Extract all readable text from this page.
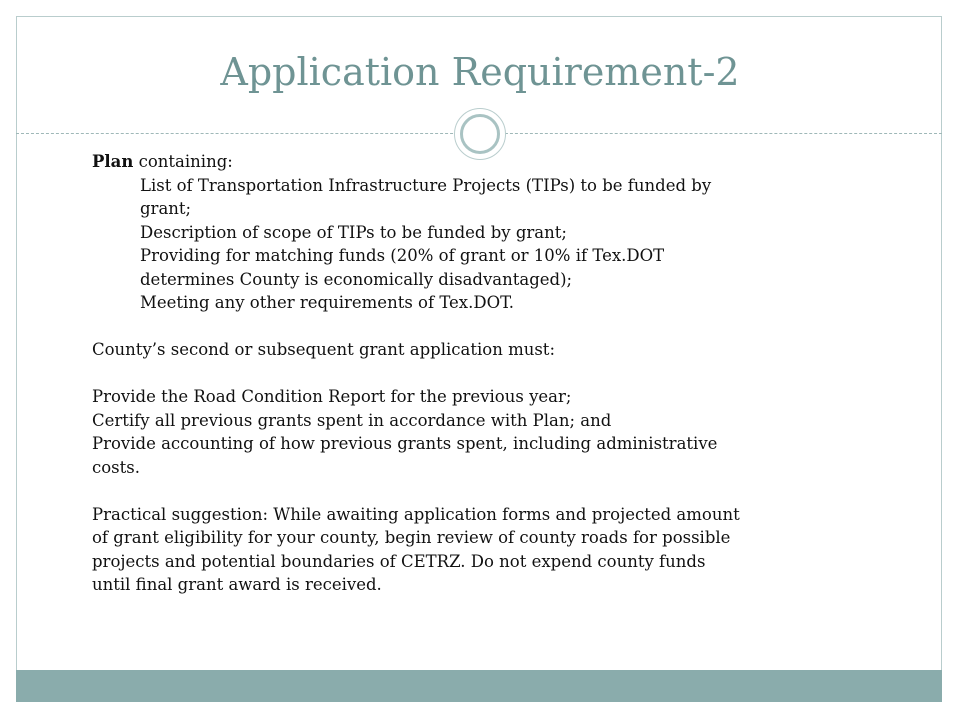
Application Requirement-2
Plan containing:
List of Transportation Infrastructure Projects (TIPs) to be funded by
grant;
Description of scope of TIPs to be funded by grant;
Providing for matching funds (20% of grant or 10% if Tex.DOT
determines County is economically disadvantaged);
Meeting any other requirements of Tex.DOT.
County’s second or subsequent grant application must:
Provide the Road Condition Report for the previous year;
Certify all previous grants spent in accordance with Plan; and
Provide accounting of how previous grants spent, including administrative
costs.
Practical suggestion: While awaiting application forms and projected amount
of grant eligibility for your county, begin review of county roads for possible
projects and potential boundaries of CETRZ. Do not expend county funds
until final grant award is received.
